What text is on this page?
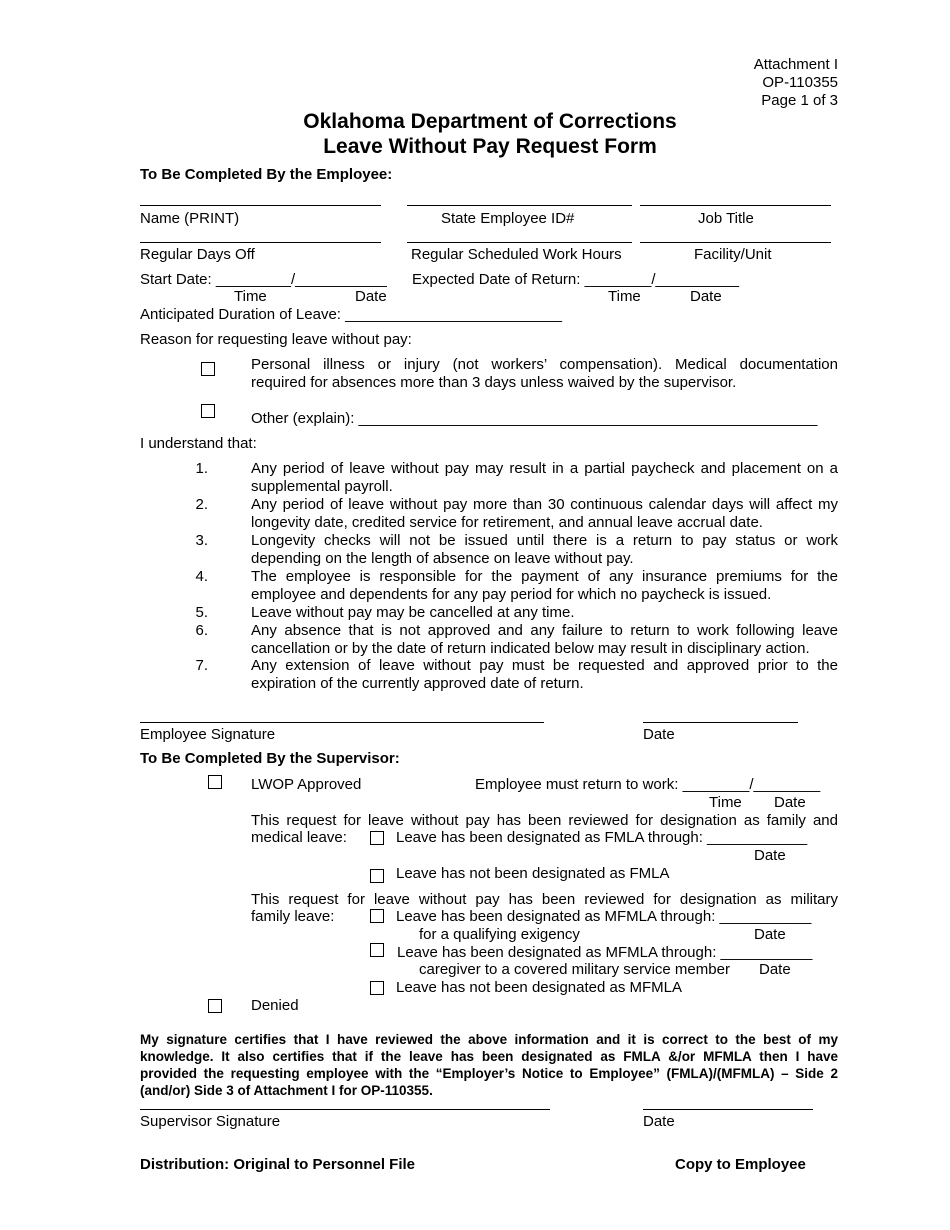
Attachment I
OP-110355
Page 1 of 3
Oklahoma Department of Corrections
Leave Without Pay Request Form
To Be Completed By the Employee:
Name (PRINT)	State Employee ID#	Job Title
Regular Days Off	Regular Scheduled Work Hours	Facility/Unit
Start Date: _________/___________ Expected Date of Return: ________/__________
Time	Date	Time	Date
Anticipated Duration of Leave: __________________________
Reason for requesting leave without pay:
Personal illness or injury (not workers’ compensation). Medical documentation
required for absences more than 3 days unless waived by the supervisor.
Other (explain): _______________________________________________________
I understand that:
1.	Any period of leave without pay may result in a partial paycheck and placement on a
supplemental payroll.
2.	Any period of leave without pay more than 30 continuous calendar days will affect my
longevity date, credited service for retirement, and annual leave accrual date.
3.	Longevity checks will not be issued until there is a return to pay status or work
depending on the length of absence on leave without pay.
4.	The employee is responsible for the payment of any insurance premiums for the
employee and dependents for any pay period for which no paycheck is issued.
5.	Leave without pay may be cancelled at any time.
6.	Any absence that is not approved and any failure to return to work following leave
cancellation or by the date of return indicated below may result in disciplinary action.
7.	Any extension of leave without pay must be requested and approved prior to the
expiration of the currently approved date of return.
Employee Signature	Date
To Be Completed By the Supervisor:
LWOP Approved	Employee must return to work: ________/________
Time Date
This request for leave without pay has been reviewed for designation as family and
medical leave:	Leave has been designated as FMLA through: ____________
Date
Leave has not been designated as FMLA
This request for leave without pay has been reviewed for designation as military
family leave:	Leave has been designated as MFMLA through: ___________
for a qualifying exigency	Date
Leave has been designated as MFMLA through: ___________
caregiver to a covered military service member Date
Leave has not been designated as MFMLA
Denied
My signature certifies that I have reviewed the above information and it is correct to the best of my
knowledge. It also certifies that if the leave has been designated as FMLA &/or MFMLA then I have
provided the requesting employee with the “Employer’s Notice to Employee” (FMLA)/(MFMLA) – Side 2
(and/or) Side 3 of Attachment I for OP-110355.
Supervisor Signature	Date
Distribution: Original to Personnel File	Copy to Employee
